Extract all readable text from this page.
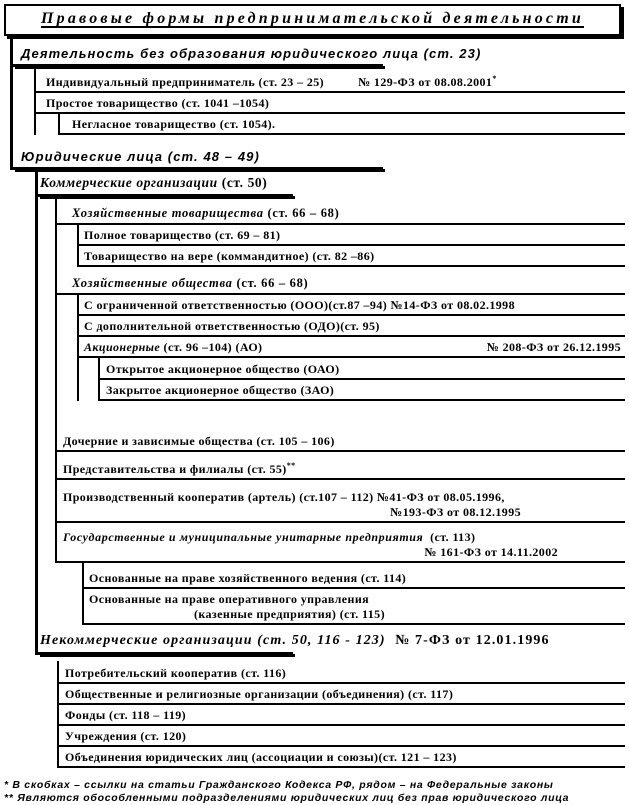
Правовые формы предпринимательской деятельности
Деятельность без образования юридического лица (ст. 23)
Индивидуальный предприниматель (ст. 23 – 25)	№ 129-ФЗ от 08.08.2001*
Простое товарищество (ст. 1041 –1054)
Негласное товарищество (ст. 1054).
Юридические лица (ст. 48 – 49)
Коммерческие организации (ст. 50)
Хозяйственные товарищества (ст. 66 – 68)
Полное товарищество (ст. 69 – 81)
Товарищество на вере (коммандитное) (ст. 82 –86)
Хозяйственные общества (ст. 66 – 68)
С ограниченной ответственностью (ООО)(ст.87 –94) №14-ФЗ от 08.02.1998
С дополнительной ответственностью (ОДО)(ст. 95)
Акционерные (ст. 96 –104) (АО)	№ 208-ФЗ от 26.12.1995
Открытое акционерное общество (ОАО)
Закрытое акционерное общество (ЗАО)
Дочерние и зависимые общества (ст. 105 – 106)
Представительства и филиалы (ст. 55)**
Производственный кооператив (артель) (ст.107 – 112) №41-ФЗ от 08.05.1996,
№193-ФЗ от 08.12.1995
Государственные и муниципальные унитарные предприятия (ст. 113)
№ 161-ФЗ от 14.11.2002
Основанные на праве хозяйственного ведения (ст. 114)
Основанные на праве оперативного управления
(казенные предприятия) (ст. 115)
Некоммерческие организации (ст. 50, 116 - 123) № 7-ФЗ от 12.01.1996
Потребительский кооператив (ст. 116)
Общественные и религиозные организации (объединения) (ст. 117)
Фонды (ст. 118 – 119)
Учреждения (ст. 120)
Объединения юридических лиц (ассоциации и союзы)(ст. 121 – 123)
* В скобках – ссылки на статьи Гражданского Кодекса РФ, рядом – на Федеральные законы
** Являются обособленными подразделениями юридических лиц без прав юридического лица
